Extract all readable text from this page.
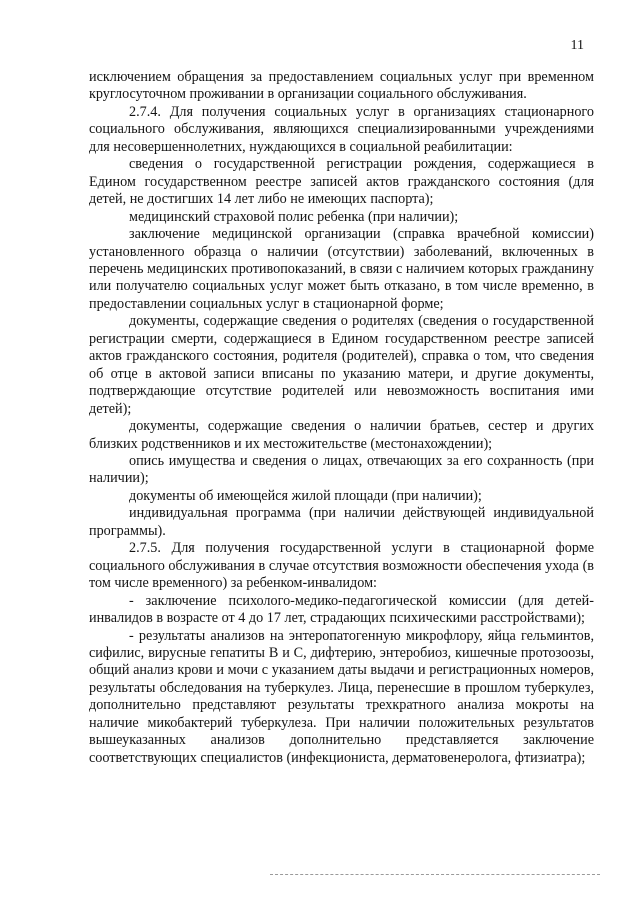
11

исключением обращения за предоставлением социальных услуг при временном круглосуточном проживании в организации социального обслуживания.

2.7.4. Для получения социальных услуг в организациях стационарного социального обслуживания, являющихся специализированными учреждениями для несовершеннолетних, нуждающихся в социальной реабилитации:

сведения о государственной регистрации рождения, содержащиеся в Едином государственном реестре записей актов гражданского состояния (для детей, не достигших 14 лет либо не имеющих паспорта);

медицинский страховой полис ребенка (при наличии);

заключение медицинской организации (справка врачебной комиссии) установленного образца о наличии (отсутствии) заболеваний, включенных в перечень медицинских противопоказаний, в связи с наличием которых гражданину или получателю социальных услуг может быть отказано, в том числе временно, в предоставлении социальных услуг в стационарной форме;

документы, содержащие сведения о родителях (сведения о государственной регистрации смерти, содержащиеся в Едином государственном реестре записей актов гражданского состояния, родителя (родителей), справка о том, что сведения об отце в актовой записи вписаны по указанию матери, и другие документы, подтверждающие отсутствие родителей или невозможность воспитания ими детей);

документы, содержащие сведения о наличии братьев, сестер и других близких родственников и их местожительстве (местонахождении);

опись имущества и сведения о лицах, отвечающих за его сохранность (при наличии);

документы об имеющейся жилой площади (при наличии);

индивидуальная программа (при наличии действующей индивидуальной программы).

2.7.5. Для получения государственной услуги в стационарной форме социального обслуживания в случае отсутствия возможности обеспечения ухода (в том числе временного) за ребенком-инвалидом:

- заключение психолого-медико-педагогической комиссии (для детей-инвалидов в возрасте от 4 до 17 лет, страдающих психическими расстройствами);

- результаты анализов на энтеропатогенную микрофлору, яйца гельминтов, сифилис, вирусные гепатиты В и С, дифтерию, энтеробиоз, кишечные протозоозы, общий анализ крови и мочи с указанием даты выдачи и регистрационных номеров, результаты обследования на туберкулез. Лица, перенесшие в прошлом туберкулез, дополнительно представляют результаты трехкратного анализа мокроты на наличие микобактерий туберкулеза. При наличии положительных результатов вышеуказанных анализов дополнительно представляется заключение соответствующих специалистов (инфекциониста, дерматовенеролога, фтизиатра);
